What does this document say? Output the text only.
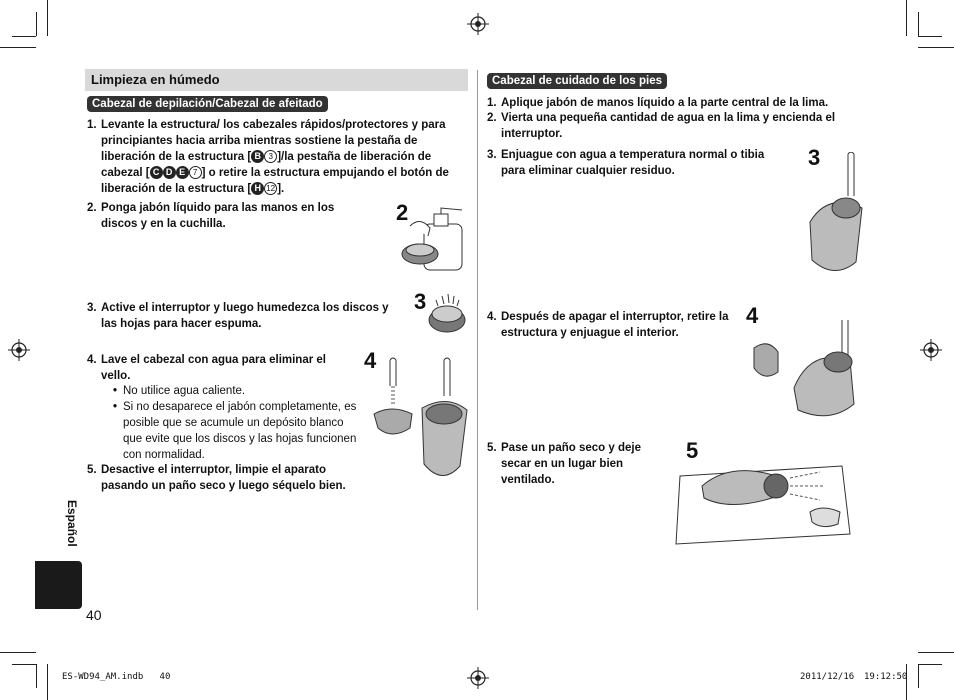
Limpieza en húmedo
Cabezal de depilación/Cabezal de afeitado
1. Levante la estructura/ los cabezales rápidos/protectores y para principiantes hacia arriba mientras sostiene la pestaña de liberación de la estructura [ B 3 ]/la pestaña de liberación de cabezal [ C D E 7 ] o retire la estructura empujando el botón de liberación de la estructura [ H 12 ].
2. Ponga jabón líquido para las manos en los discos y en la cuchilla.
3. Active el interruptor y luego humedezca los discos y las hojas para hacer espuma.
4. Lave el cabezal con agua para eliminar el vello.
• No utilice agua caliente.
• Si no desaparece el jabón completamente, es posible que se acumule un depósito blanco que evite que los discos y las hojas funcionen con normalidad.
5. Desactive el interruptor, limpie el aparato pasando un paño seco y luego séquelo bien.
2
3
4
Cabezal de cuidado de los pies
1. Aplique jabón de manos líquido a la parte central de la lima.
2. Vierta una pequeña cantidad de agua en la lima y encienda el interruptor.
3. Enjuague con agua a temperatura normal o tibia para eliminar cualquier residuo.
3
4. Después de apagar el interruptor, retire la estructura y enjuague el interior.
4
5. Pase un paño seco y deje secar en un lugar bien ventilado.
5
Español
40
ES-WD94_AM.indb   40	2011/12/16 19:12:50
